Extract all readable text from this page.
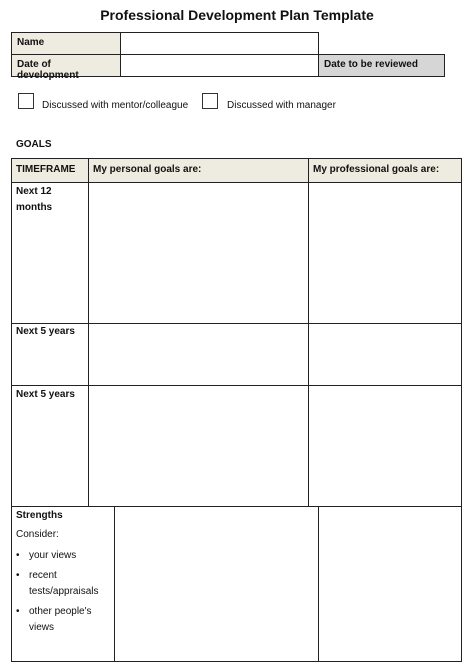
Professional Development Plan Template
Name
Date of development
Date to be reviewed
Discussed with mentor/colleague	Discussed with manager
GOALS
TIMEFRAME My personal goals are:	My professional goals are:
Next 12 months
Next 5 years
Next 5 years
Strengths
Consider:
• your views
• recent tests/appraisals
• other people's views
